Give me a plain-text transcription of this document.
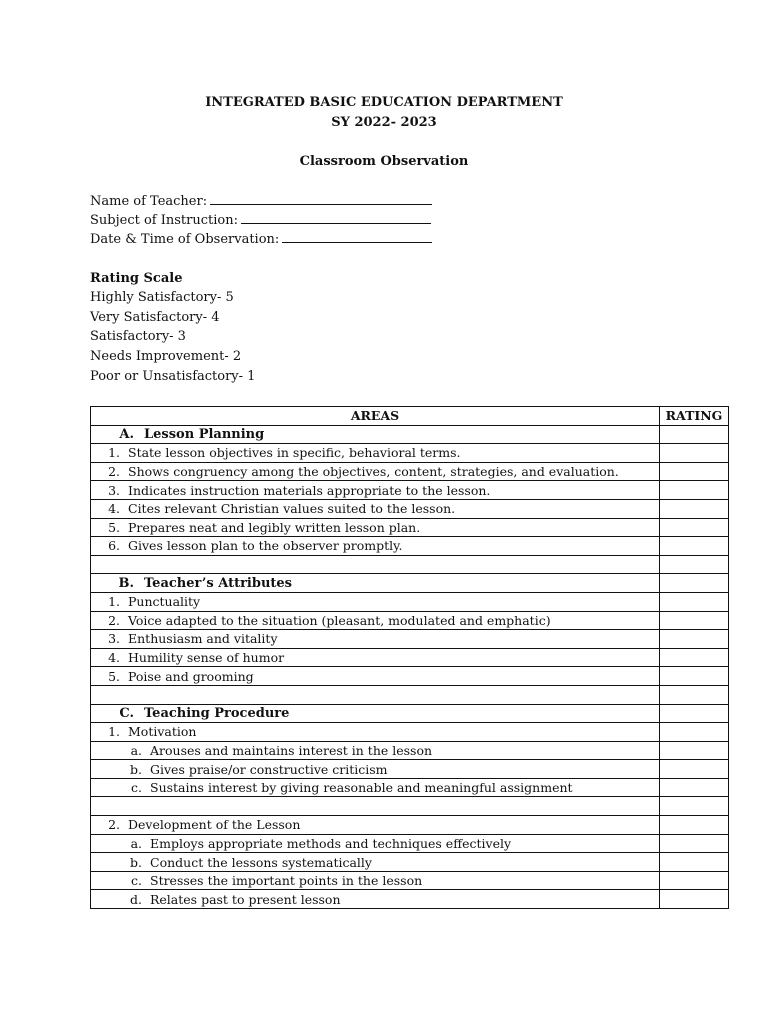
INTEGRATED BASIC EDUCATION DEPARTMENT
SY 2022- 2023
Classroom Observation
Name of Teacher:
Subject of Instruction:
Date & Time of Observation:
Rating Scale
Highly Satisfactory- 5
Very Satisfactory- 4
Satisfactory- 3
Needs Improvement- 2
Poor or Unsatisfactory- 1
AREAS	RATING

A. Lesson Planning	

1. State lesson objectives in specific, behavioral terms.	

2. Shows congruency among the objectives, content, strategies, and evaluation.	

3. Indicates instruction materials appropriate to the lesson.	

4. Cites relevant Christian values suited to the lesson.	

5. Prepares neat and legibly written lesson plan.	

6. Gives lesson plan to the observer promptly.	

B. Teacher’s Attributes	

1. Punctuality	

2. Voice adapted to the situation (pleasant, modulated and emphatic)	

3. Enthusiasm and vitality	

4. Humility sense of humor	

5. Poise and grooming	

C. Teaching Procedure	

1. Motivation	

a. Arouses and maintains interest in the lesson	

b. Gives praise/or constructive criticism	

c. Sustains interest by giving reasonable and meaningful assignment	

2. Development of the Lesson	

a. Employs appropriate methods and techniques effectively	

b. Conduct the lessons systematically	

c. Stresses the important points in the lesson	

d. Relates past to present lesson	
